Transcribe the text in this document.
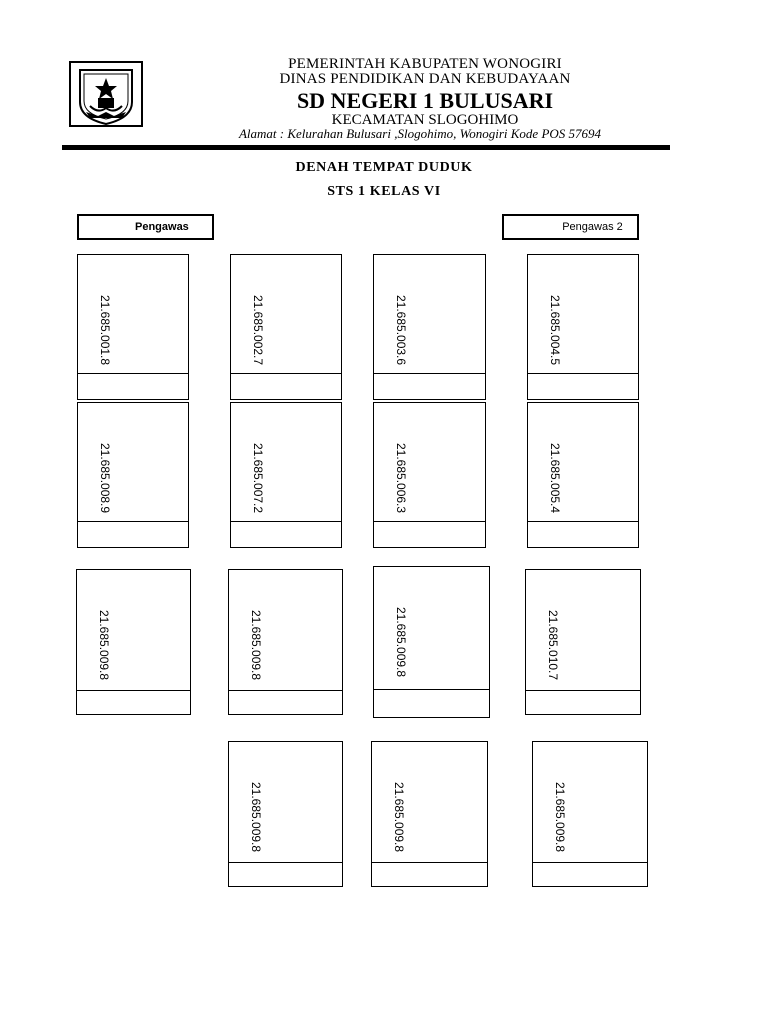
PEMERINTAH KABUPATEN WONOGIRI
DINAS PENDIDIKAN DAN KEBUDAYAAN
SD NEGERI 1 BULUSARI
KECAMATAN SLOGOHIMO
Alamat : Kelurahan Bulusari ,Slogohimo, Wonogiri Kode POS 57694
DENAH TEMPAT DUDUK
STS 1 KELAS VI
Pengawas	Pengawas 2
21.685.001.8	21.685.002.7	21.685.003.6	21.685.004.5
21.685.008.9	21.685.007.2	21.685.006.3	21.685.005.4
21.685.009.8	21.685.009.8	21.685.009.8	21.685.010.7
21.685.009.8	21.685.009.8	21.685.009.8
